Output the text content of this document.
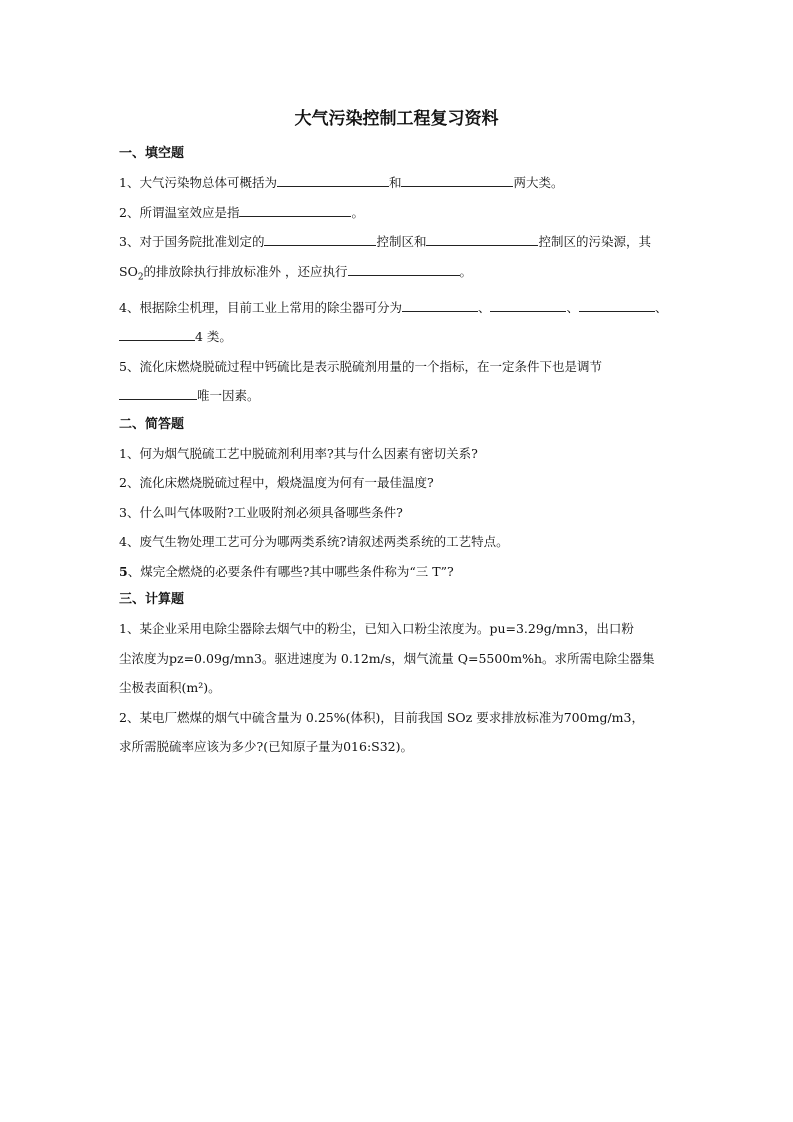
大气污染控制工程复习资料

一、填空题

1、大气污染物总体可概括为	和	两大类。

2、所谓温室效应是指	。

3、对于国务院批准划定的	控制区和	控制区的污染源，其
$SO_2$的排放除执行排放标准外 ，还应执行	。

4、根据除尘机理，目前工业上常用的除尘器可分为	、	、	、
4 类。

5、流化床燃烧脱硫过程中钙硫比是表示脱硫剂用量的一个指标，在一定条件下也是调节
唯一因素。

二、简答题

1、何为烟气脱硫工艺中脱硫剂利用率?其与什么因素有密切关系?

2、流化床燃烧脱硫过程中，煅烧温度为何有一最佳温度?

3、什么叫气体吸附?工业吸附剂必须具备哪些条件?

4、废气生物处理工艺可分为哪两类系统?请叙述两类系统的工艺特点。

5、煤完全燃烧的必要条件有哪些?其中哪些条件称为“三 T”?

三、计算题

1、某企业采用电除尘器除去烟气中的粉尘，已知入口粉尘浓度为。pu=3.29g/mn3，出口粉
尘浓度为pz=0.09g/mn3。驱进速度为 0.12m/s，烟气流量 Q=5500m%h。求所需电除尘器集
尘极表面积(m²)。

2、某电厂燃煤的烟气中硫含量为 0.25%(体积)，目前我国 SOz 要求排放标准为700mg/m3，
求所需脱硫率应该为多少?(已知原子量为016:S32)。
